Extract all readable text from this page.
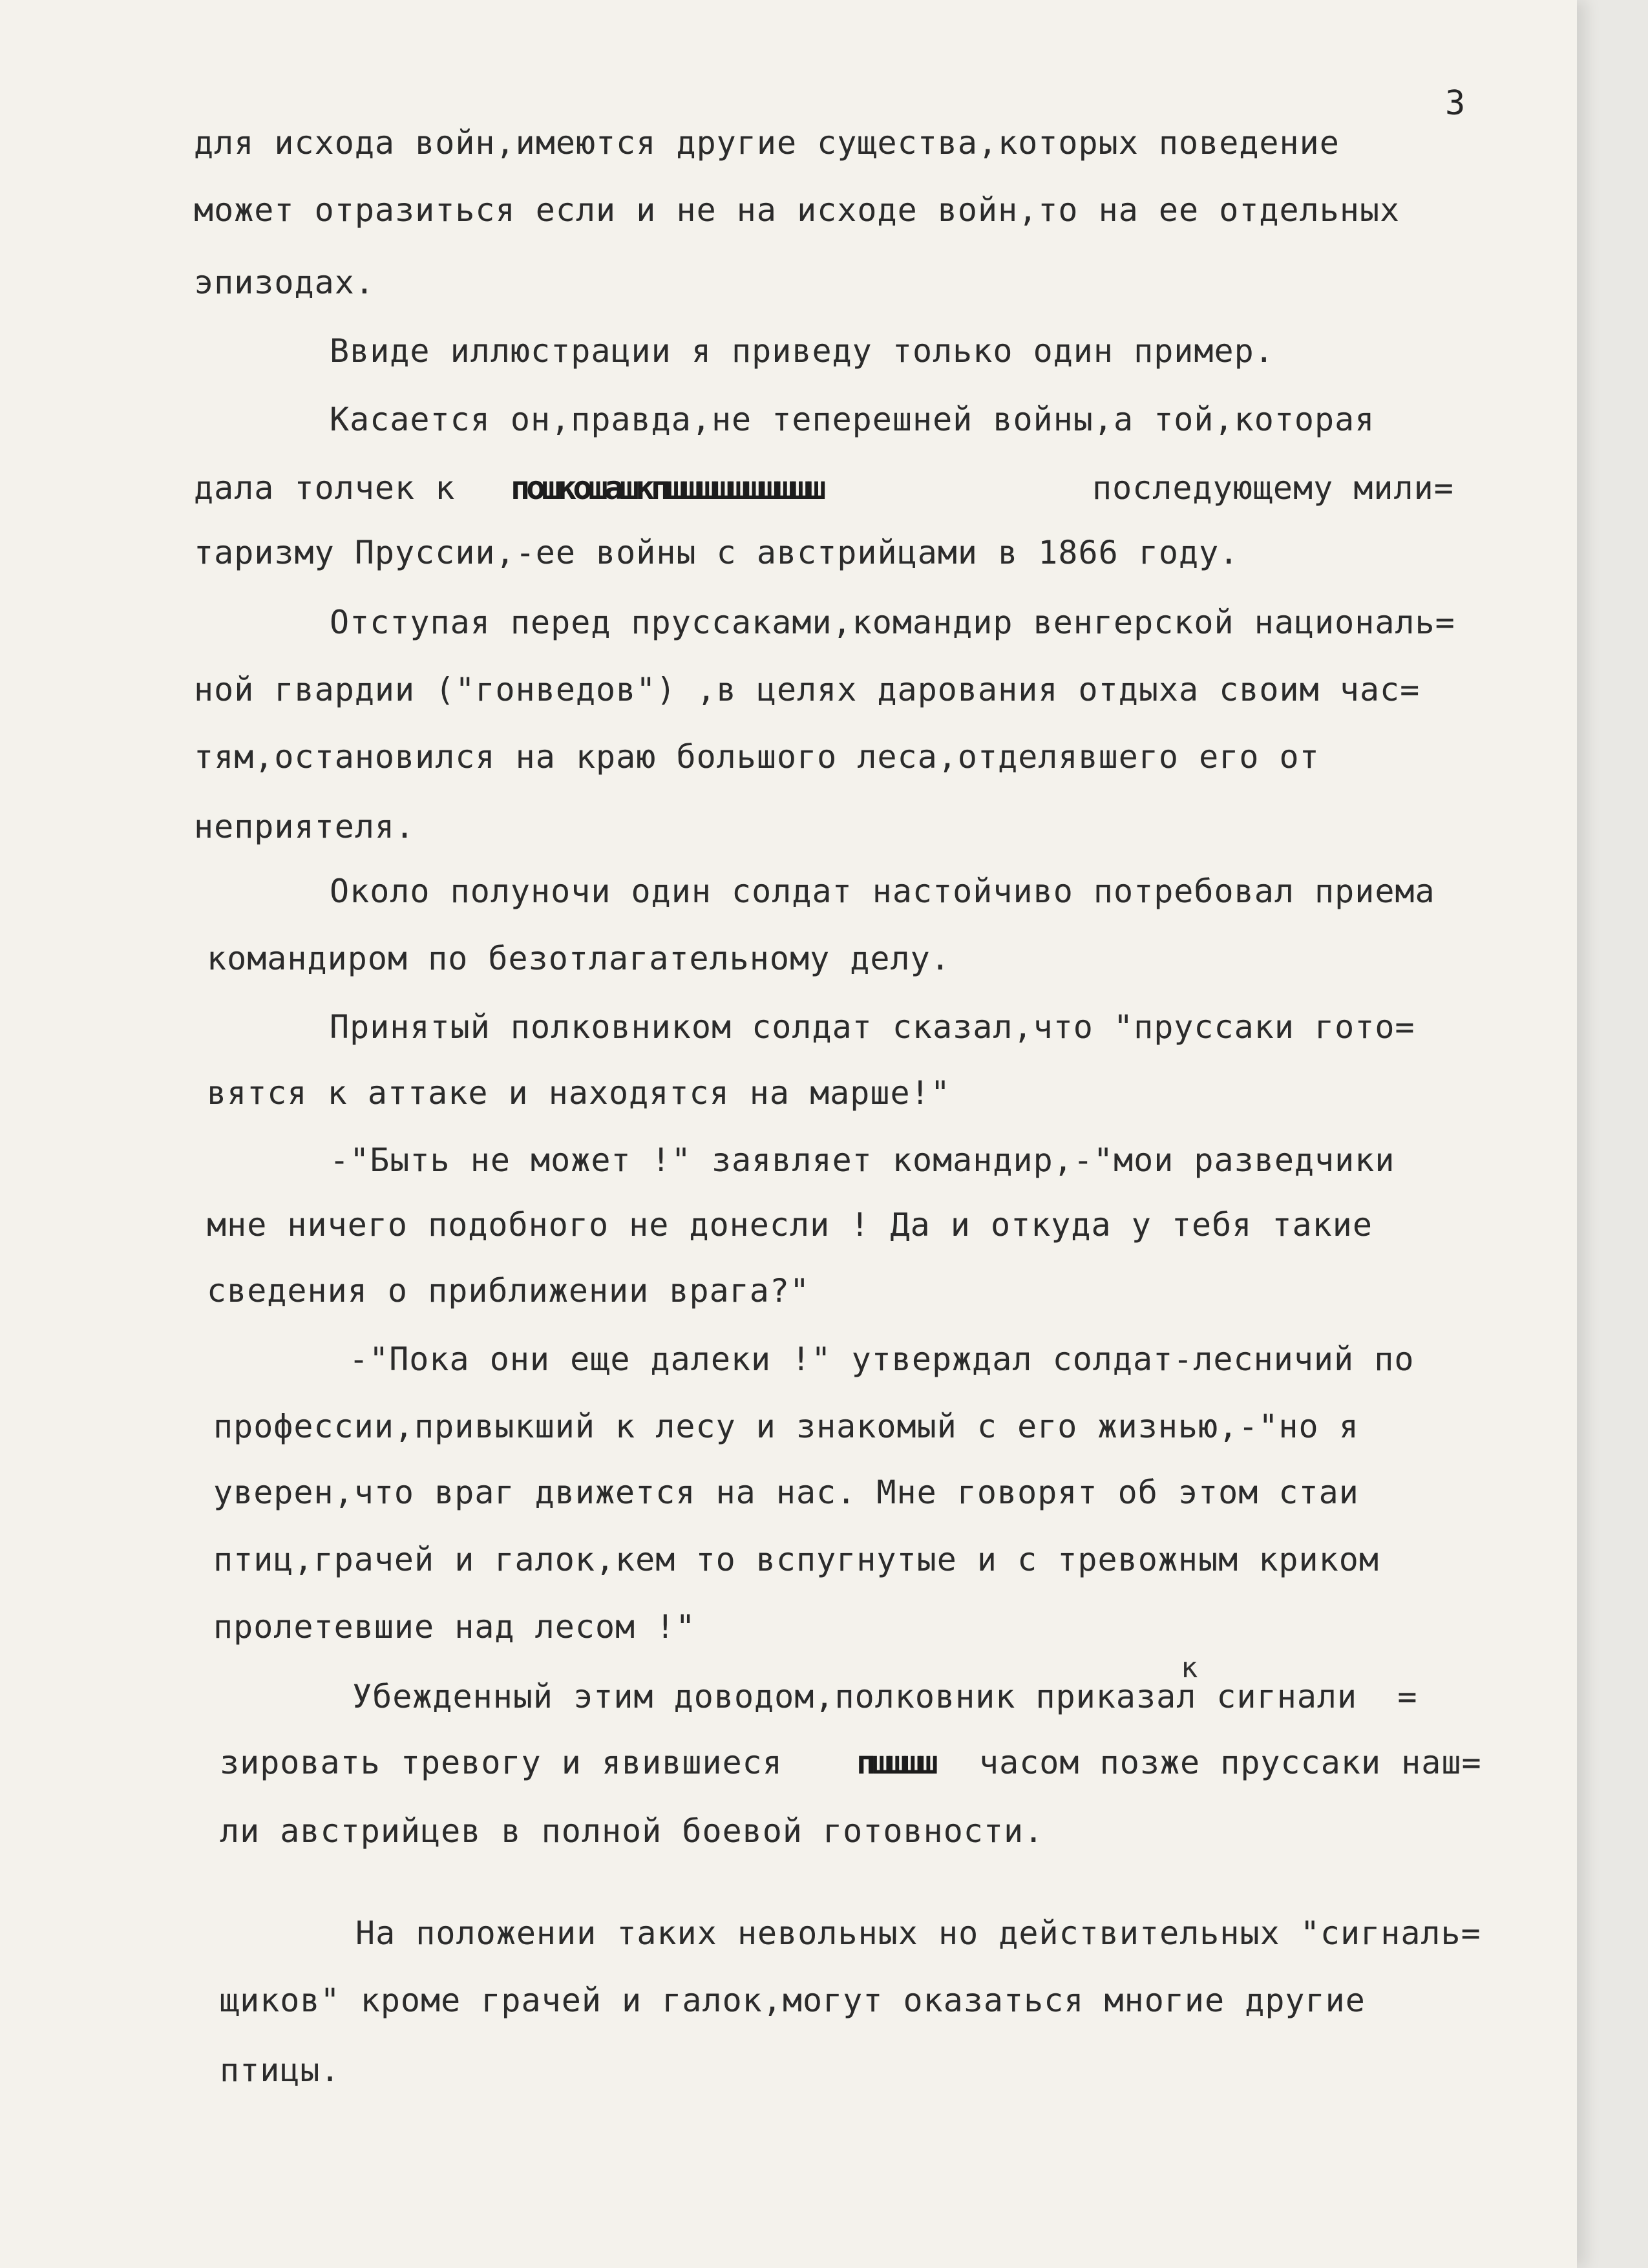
3
для исхода войн,имеются другие существа,которых поведение
может отразиться если и не на исходе войн,то на ее отдельных
эпизодах.
Ввиде иллюстрации я приведу только один пример.
Касается он,правда,не теперешней войны,а той,которая
дала толчек к пошкошашкпшшшшшшшшшш	последующему мили=
таризму Пруссии,-ее войны с австрийцами в 1866 году.
Отступая перед пруссаками,командир венгерской националь=
ной гвардии ("гонведов") ,в целях дарования отдыха своим час=
тям,остановился на краю большого леса,отделявшего его от
неприятеля.
Около полуночи один солдат настойчиво потребовал приема
командиром по безотлагательному делу.
Принятый полковником солдат сказал,что "пруссаки гото=
вятся к аттаке и находятся на марше!"
-"Быть не может !" заявляет командир,-"мои разведчики
мне ничего подобного не донесли ! Да и откуда у тебя такие
сведения о приближении врага?"
-"Пока они еще далеки !" утверждал солдат-лесничий по
профессии,привыкший к лесу и знакомый с его жизнью,-"но я
уверен,что враг движется на нас. Мне говорят об этом стаи
птиц,грачей и галок,кем то вспугнутые и с тревожным криком
пролетевшие над лесом !"
Убежденный этим доводом,полковник приказал сигнали  =
зировать тревогу и явившиеся пшшшш часом позже пруссаки наш=
ли австрийцев в полной боевой готовности.
На положении таких невольных но действительных "сигналь=
щиков" кроме грачей и галок,могут оказаться многие другие
птицы.
к
